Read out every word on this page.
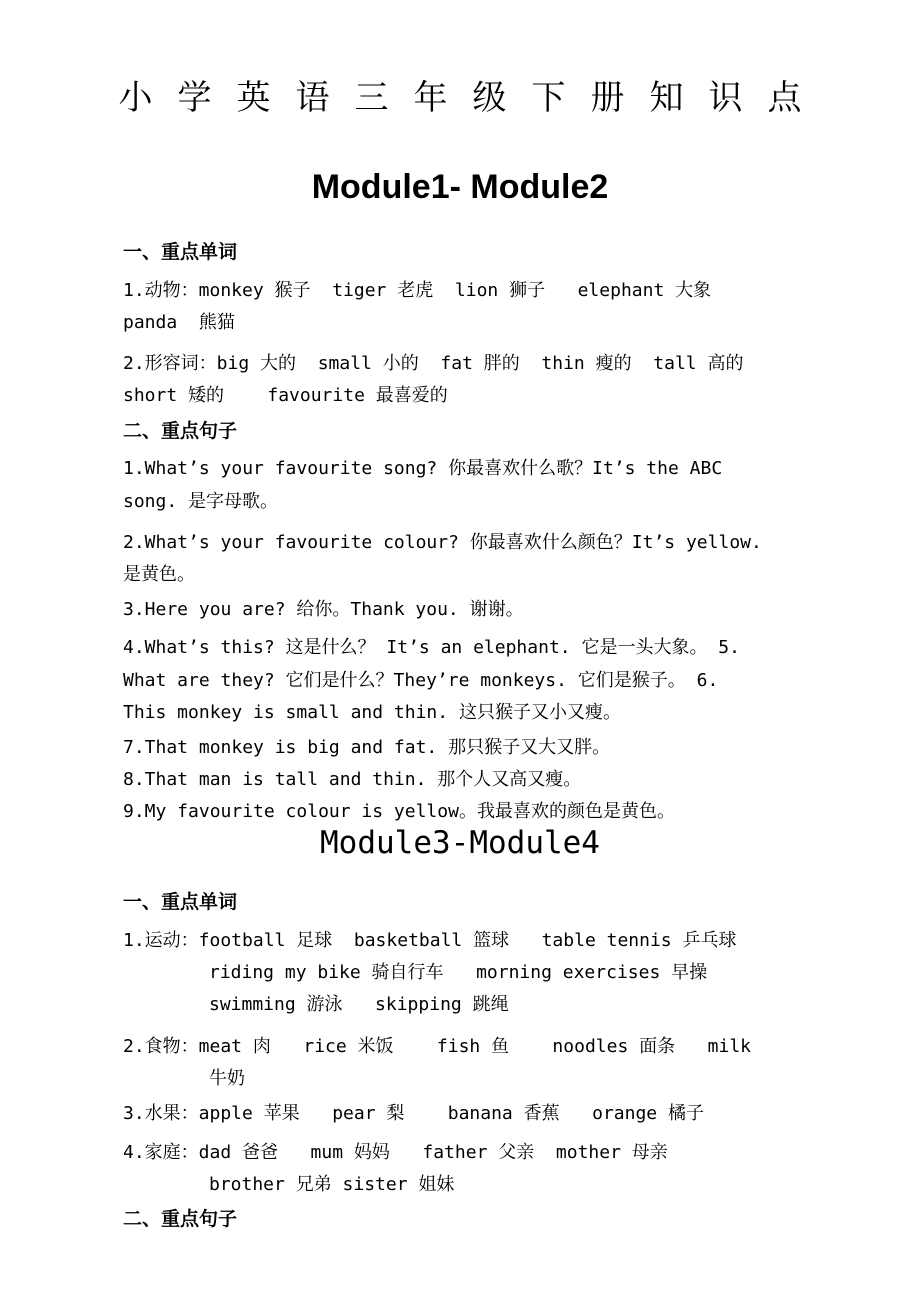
小学英语三年级下册知识点
Module1- Module2
一、重点单词
1.动物：monkey 猴子  tiger 老虎  lion 狮子   elephant 大象
panda  熊猫
2.形容词：big 大的  small 小的  fat 胖的  thin 瘦的  tall 高的
short 矮的    favourite 最喜爱的
二、重点句子
1.What’s your favourite song? 你最喜欢什么歌？It’s the ABC
song. 是字母歌。
2.What’s your favourite colour? 你最喜欢什么颜色？It’s yellow.
是黄色。
3.Here you are? 给你。Thank you. 谢谢。
4.What’s this? 这是什么？ It’s an elephant. 它是一头大象。 5.
What are they? 它们是什么？They’re monkeys. 它们是猴子。 6.
This monkey is small and thin. 这只猴子又小又瘦。
7.That monkey is big and fat. 那只猴子又大又胖。
8.That man is tall and thin. 那个人又高又瘦。
9.My favourite colour is yellow。我最喜欢的颜色是黄色。
Module3-Module4
一、重点单词
1.运动：football 足球  basketball 篮球   table tennis 乒乓球
riding my bike 骑自行车   morning exercises 早操
swimming 游泳   skipping 跳绳
2.食物：meat 肉   rice 米饭    fish 鱼    noodles 面条   milk
牛奶
3.水果：apple 苹果   pear 梨    banana 香蕉   orange 橘子
4.家庭：dad 爸爸   mum 妈妈   father 父亲  mother 母亲
brother 兄弟 sister 姐妹
二、重点句子
